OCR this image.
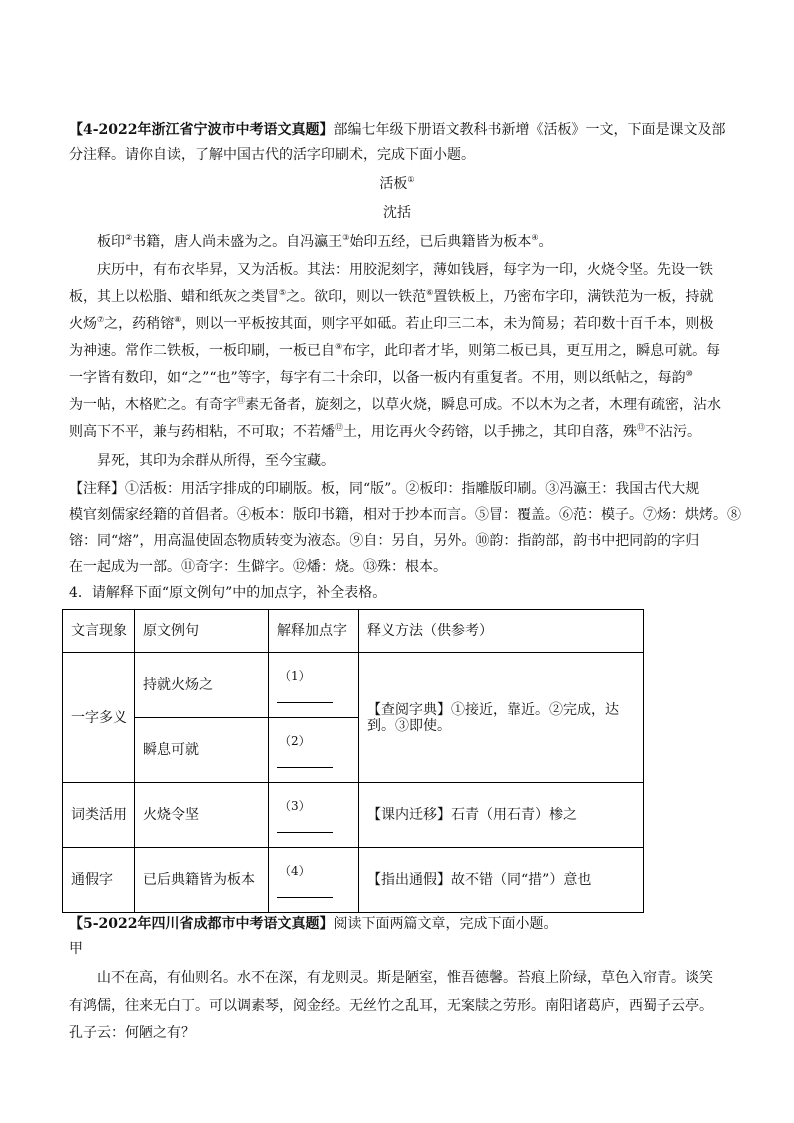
【4-2022年浙江省宁波市中考语文真题】部编七年级下册语文教科书新增《活板》一文，下面是课文及部
分注释。请你自读，了解中国古代的活字印刷术，完成下面小题。
活板①
沈括
板印②书籍，唐人尚未盛为之。自冯瀛王③始印五经，已后典籍皆为板本④。
庆历中，有布衣毕昇，又为活板。其法：用胶泥刻字，薄如钱唇，每字为一印，火烧令坚。先设一铁
板，其上以松脂、蜡和纸灰之类冒⑤之。欲印，则以一铁范⑥置铁板上，乃密布字印，满铁范为一板，持就
火炀⑦之，药稍镕⑧，则以一平板按其面，则字平如砥。若止印三二本，未为简易；若印数十百千本，则极
为神速。常作二铁板，一板印刷，一板已自⑨布字，此印者才毕，则第二板已具，更互用之，瞬息可就。每
一字皆有数印，如“之”“也”等字，每字有二十余印，以备一板内有重复者。不用，则以纸帖之，每韵⑩
为一帖，木格贮之。有奇字⑪素无备者，旋刻之，以草火烧，瞬息可成。不以木为之者，木理有疏密，沾水
则高下不平，兼与药相粘，不可取；不若燔⑫土，用讫再火令药镕，以手拂之，其印自落，殊⑬不沾污。
昇死，其印为余群从所得，至今宝藏。
【注释】①活板：用活字排成的印刷版。板，同“版”。②板印：指雕版印刷。③冯瀛王：我国古代大规
模官刻儒家经籍的首倡者。④板本：版印书籍，相对于抄本而言。⑤冒：覆盖。⑥范：模子。⑦炀：烘烤。⑧
镕：同“熔”，用高温使固态物质转变为液态。⑨自：另自，另外。⑩韵：指韵部，韵书中把同韵的字归
在一起成为一部。⑪奇字：生僻字。⑫燔：烧。⑬殊：根本。
4．请解释下面“原文例句”中的加点字，补全表格。
文言现象	原文例句	解释加点字	释义方法（供参考）
一字多义	持就火炀之	（1）	【查阅字典】①接近，靠近。②完成，达到。③即使。
	瞬息可就	（2）	

词类活用	火烧令坚	（3）	【课内迁移】石青（用石青）椮之
通假字	已后典籍皆为板本	（4）	【指出通假】故不错（同“措”）意也
【5-2022年四川省成都市中考语文真题】阅读下面两篇文章，完成下面小题。
甲
山不在高，有仙则名。水不在深，有龙则灵。斯是陋室，惟吾德馨。苔痕上阶绿，草色入帘青。谈笑
有鸿儒，往来无白丁。可以调素琴，阅金经。无丝竹之乱耳，无案牍之劳形。南阳诸葛庐，西蜀子云亭。
孔子云：何陋之有？
